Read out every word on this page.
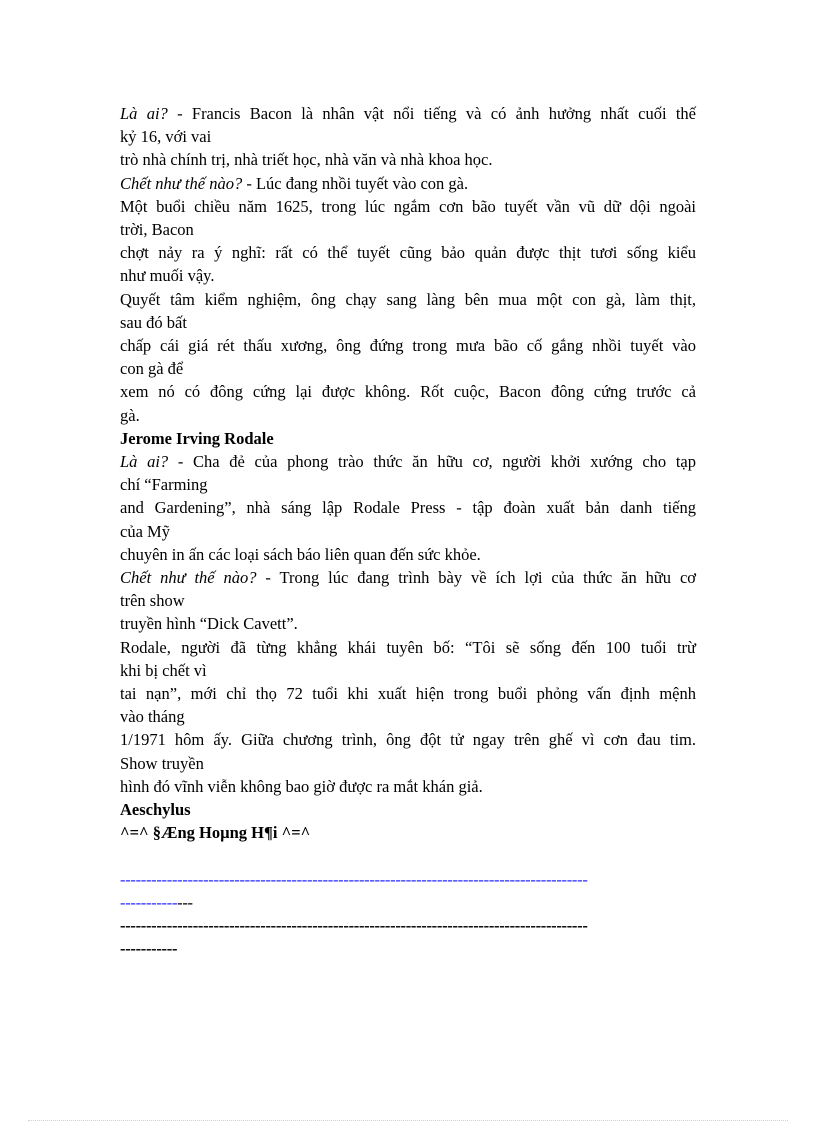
Là ai? - Francis Bacon là nhân vật nổi tiếng và có ảnh hưởng nhất cuối thế
kỷ 16, với vai
trò nhà chính trị, nhà triết học, nhà văn và nhà khoa học.
Chết như thế nào? - Lúc đang nhồi tuyết vào con gà.
Một buổi chiều năm 1625, trong lúc ngắm cơn bão tuyết vần vũ dữ dội ngoài
trời, Bacon
chợt nảy ra ý nghĩ: rất có thể tuyết cũng bảo quản được thịt tươi sống kiểu
như muối vậy.
Quyết tâm kiểm nghiệm, ông chạy sang làng bên mua một con gà, làm thịt,
sau đó bất
chấp cái giá rét thấu xương, ông đứng trong mưa bão cố gắng nhồi tuyết vào
con gà để
xem nó có đông cứng lại được không. Rốt cuộc, Bacon đông cứng trước cả
gà.
Jerome Irving Rodale
Là ai? - Cha đẻ của phong trào thức ăn hữu cơ, người khởi xướng cho tạp
chí “Farming
and Gardening”, nhà sáng lập Rodale Press - tập đoàn xuất bản danh tiếng
của Mỹ
chuyên in ấn các loại sách báo liên quan đến sức khỏe.
Chết như thế nào? - Trong lúc đang trình bày về ích lợi của thức ăn hữu cơ
trên show
truyền hình “Dick Cavett”.
Rodale, người đã từng khẳng khái tuyên bố: “Tôi sẽ sống đến 100 tuổi trừ
khi bị chết vì
tai nạn”, mới chỉ thọ 72 tuổi khi xuất hiện trong buổi phỏng vấn định mệnh
vào tháng
1/1971 hôm ấy. Giữa chương trình, ông đột tử ngay trên ghế vì cơn đau tim.
Show truyền
hình đó vĩnh viễn không bao giờ được ra mắt khán giả.
Aeschylus
^=^ §Æng Hoµng H¶i ^=^
------------------------------------------------------------------------------------------
--------------
------------------------------------------------------------------------------------------
-----------
